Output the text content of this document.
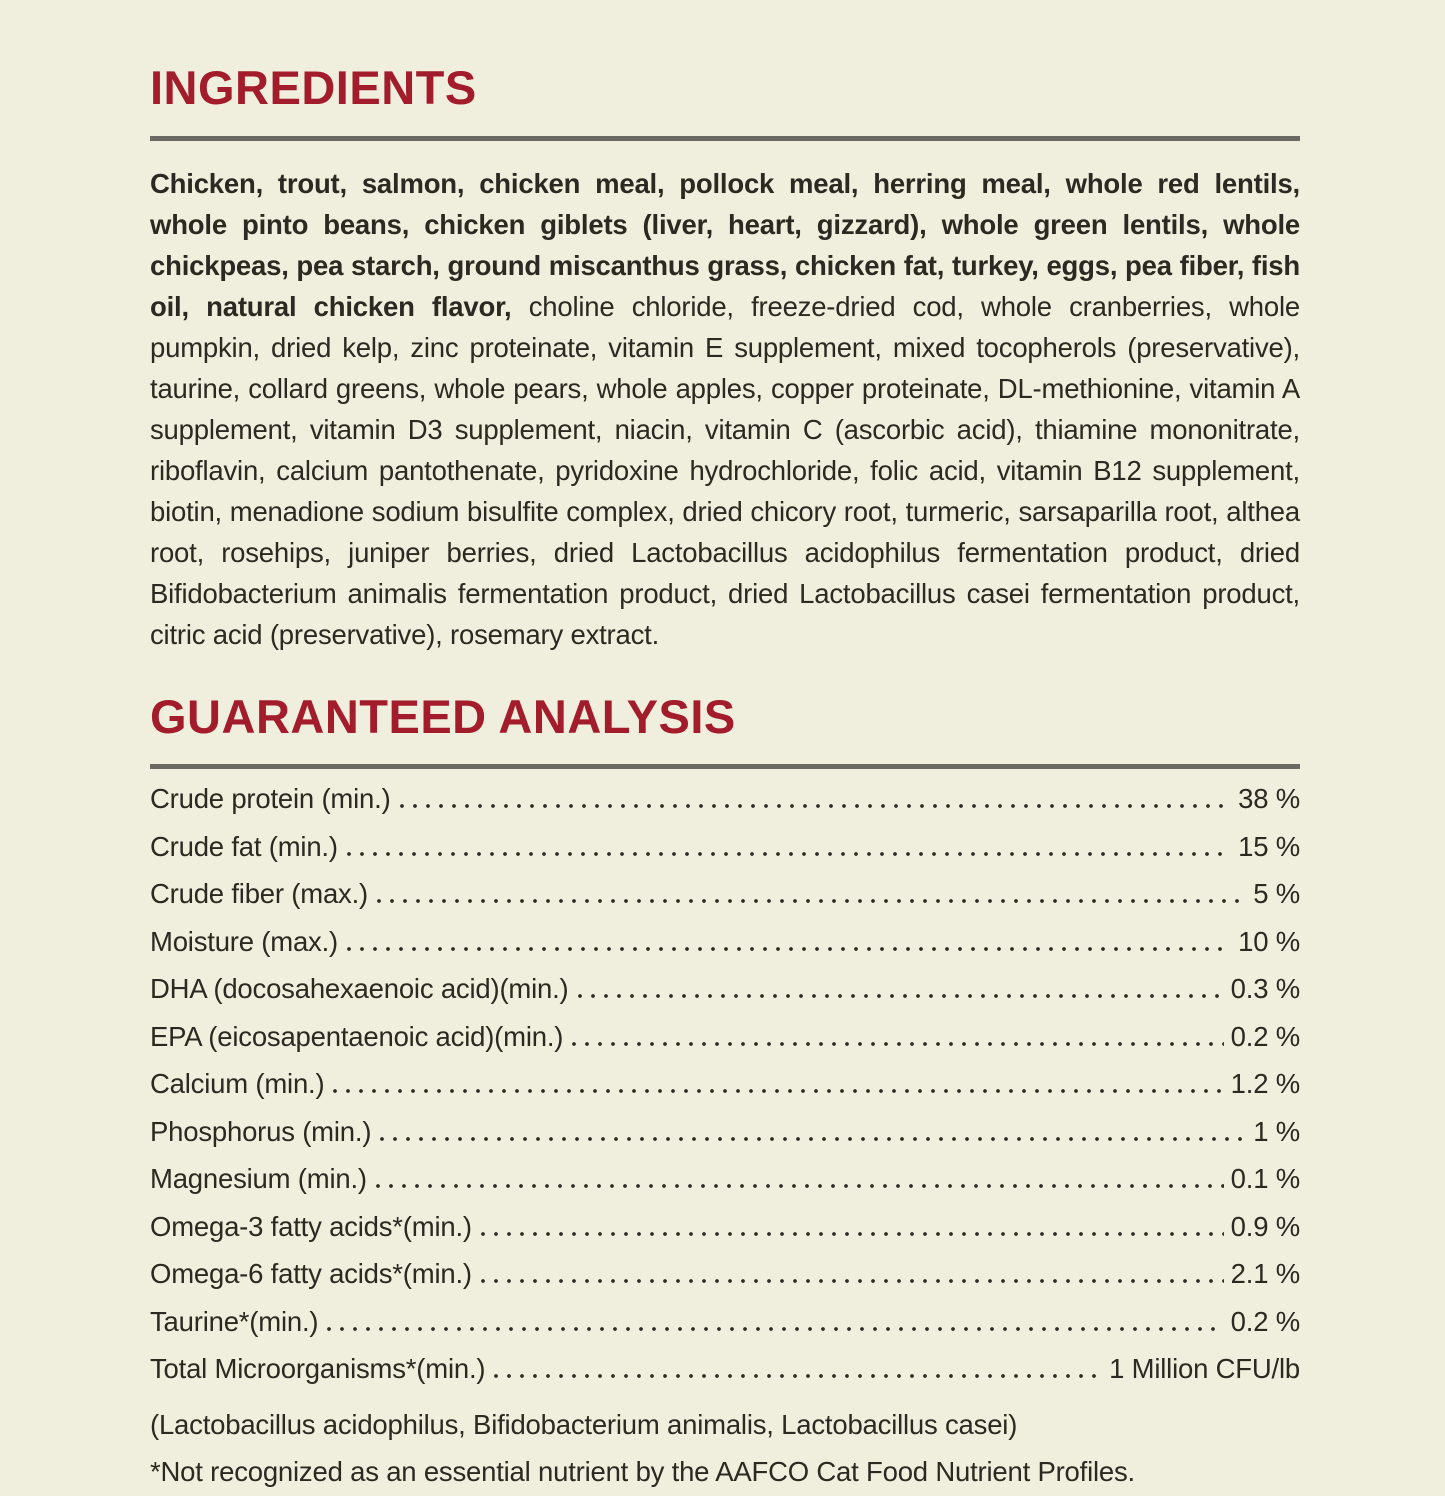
INGREDIENTS

Chicken, trout, salmon, chicken meal, pollock meal, herring meal, whole red lentils, whole pinto beans, chicken giblets (liver, heart, gizzard), whole green lentils, whole chickpeas, pea starch, ground miscanthus grass, chicken fat, turkey, eggs, pea fiber, fish oil, natural chicken flavor, choline chloride, freeze-dried cod, whole cranberries, whole pumpkin, dried kelp, zinc proteinate, vitamin E supplement, mixed tocopherols (preservative), taurine, collard greens, whole pears, whole apples, copper proteinate, DL-methionine, vitamin A supplement, vitamin D3 supplement, niacin, vitamin C (ascorbic acid), thiamine mononitrate, riboflavin, calcium pantothenate, pyridoxine hydrochloride, folic acid, vitamin B12 supplement, biotin, menadione sodium bisulfite complex, dried chicory root, turmeric, sarsaparilla root, althea root, rosehips, juniper berries, dried Lactobacillus acidophilus fermentation product, dried Bifidobacterium animalis fermentation product, dried Lactobacillus casei fermentation product, citric acid (preservative), rosemary extract.

GUARANTEED ANALYSIS
Crude protein (min.)	38 %
Crude fat (min.)	15 %
Crude fiber (max.)	5 %
Moisture (max.)	10 %
DHA (docosahexaenoic acid)(min.)	0.3 %
EPA (eicosapentaenoic acid)(min.)	0.2 %
Calcium (min.)	1.2 %
Phosphorus (min.)	1 %
Magnesium (min.)	0.1 %
Omega-3 fatty acids*(min.)	0.9 %
Omega-6 fatty acids*(min.)	2.1 %
Taurine*(min.)	0.2 %
Total Microorganisms*(min.)	1 Million CFU/lb

(Lactobacillus acidophilus, Bifidobacterium animalis, Lactobacillus casei)

*Not recognized as an essential nutrient by the AAFCO Cat Food Nutrient Profiles.
